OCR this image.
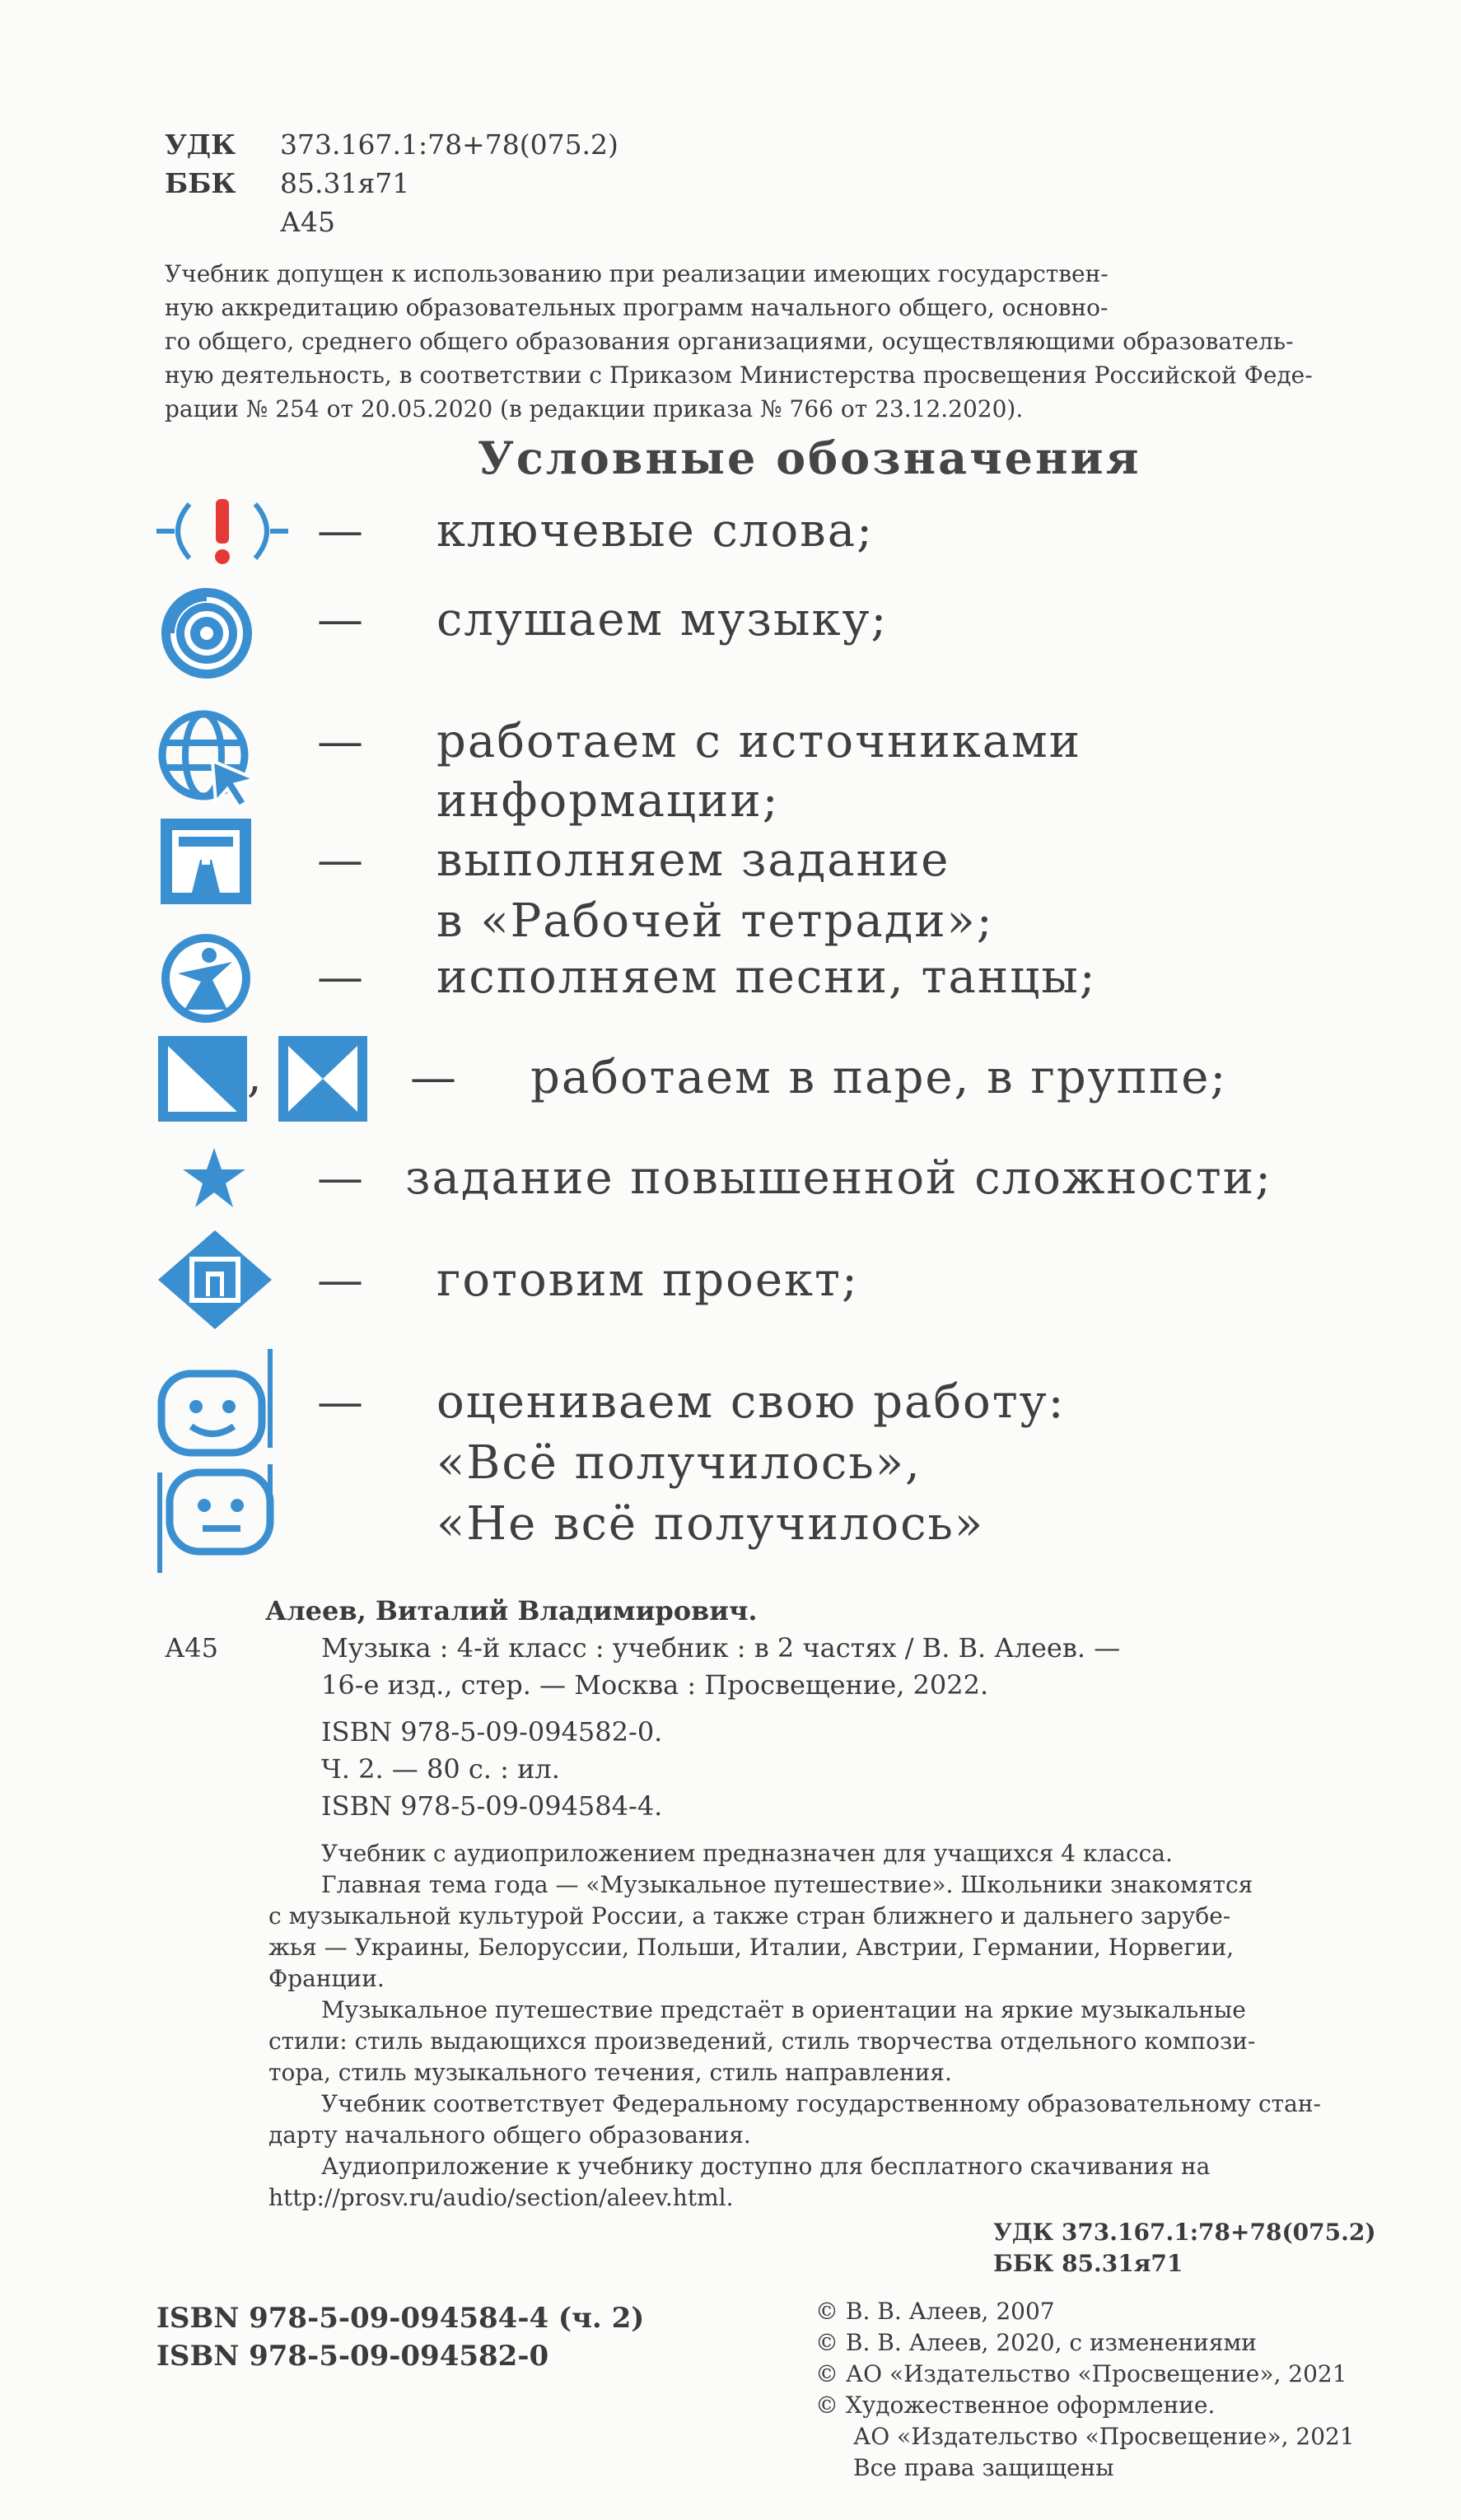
УДК 373.167.1:78+78(075.2)
ББК 85.31я71
А45
Учебник допущен к использованию при реализации имеющих государствен-
ную аккредитацию образовательных программ начального общего, основно-
го общего, среднего общего образования организациями, осуществляющими образователь-
ную деятельность, в соответствии с Приказом Министерства просвещения Российской Феде-
рации № 254 от 20.05.2020 (в редакции приказа № 766 от 23.12.2020).
Условные обозначения
— ключевые слова;
— слушаем музыку;
— работаем с источниками
информации;
— выполняем задание
в «Рабочей тетради»;
— исполняем песни, танцы;
,	— работаем в паре, в группе;
— задание повышенной сложности;
— готовим проект;
— оцениваем свою работу:
«Всё получилось»,
«Не всё получилось»
Алеев, Виталий Владимирович.
А45	Музыка : 4-й класс : учебник : в 2 частях / В. В. Алеев. —
16-е изд., стер. — Москва : Просвещение, 2022.
ISBN 978-5-09-094582-0.
Ч. 2. — 80 с. : ил.
ISBN 978-5-09-094584-4.
Учебник с аудиоприложением предназначен для учащихся 4 класса.
Главная тема года — «Музыкальное путешествие». Школьники знакомятся
с музыкальной культурой России, а также стран ближнего и дальнего зарубе-
жья — Украины, Белоруссии, Польши, Италии, Австрии, Германии, Норвегии,
Франции.
Музыкальное путешествие предстаёт в ориентации на яркие музыкальные
стили: стиль выдающихся произведений, стиль творчества отдельного компози-
тора, стиль музыкального течения, стиль направления.
Учебник соответствует Федеральному государственному образовательному стан-
дарту начального общего образования.
Аудиоприложение к учебнику доступно для бесплатного скачивания на
http://prosv.ru/audio/section/aleev.html.
УДК 373.167.1:78+78(075.2)
ББК 85.31я71
ISBN 978-5-09-094584-4 (ч. 2)
ISBN 978-5-09-094582-0
© В. В. Алеев, 2007
© В. В. Алеев, 2020, с изменениями
© АО «Издательство «Просвещение», 2021
© Художественное оформление.
АО «Издательство «Просвещение», 2021
Все права защищены
